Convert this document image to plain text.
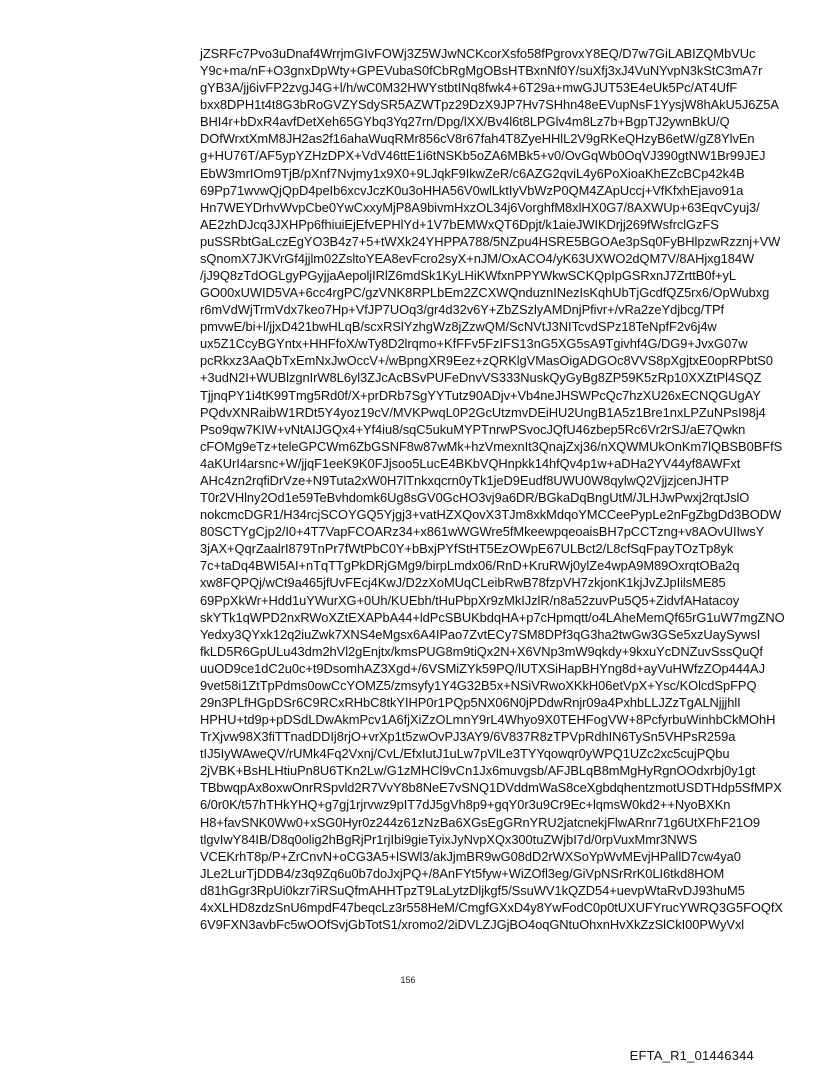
jZSRFc7Pvo3uDnaf4WrrjmGIvFOWj3Z5WJwNCKcorXsfo58fPgrovxY8EQ/D7w7GiLABIZQMbVUc
Y9c+ma/nF+O3gnxDpWty+GPEVubaS0fCbRgMgOBsHTBxnNf0Y/suXfj3xJ4VuNYvpN3kStC3mA7r
gYB3A/jj6ivFP2zvgJ4G+l/h/wC0M32HWYstbtINq8fwk4+6T29a+mwGJUT53E4eUk5Pc/AT4UfF
bxx8DPH1t4t8G3bRoGVZYSdySR5AZWTpz29DzX9JP7Hv7SHhn48eEVupNsF1YysjW8hAkU5J6Z5A
BHI4r+bDxR4avfDetXeh65GYbq3Yq27rn/Dpg/lXX/Bv4l6t8LPGlv4m8Lz7b+BgpTJ2ywnBkU/Q
DOfWrxtXmM8JH2as2f16ahaWuqRMr856cV8r67fah4T8ZyeHHlL2V9gRKeQHzyB6etW/gZ8YlvEn
g+HU76T/AF5ypYZHzDPX+VdV46ttE1i6tNSKb5oZA6MBk5+v0/OvGqWb0OqVJ390gtNW1Br99JEJ
EbW3mrIOm9TjB/pXnf7Nvjmy1x9X0+9LJqkF9IkwZeR/c6AZG2qviL4y6PoXioaKhEZcBCp42k4B
69Pp71wvwQjQpD4peIb6xcvJczK0u3oHHA56V0wlLktIyVbWzP0QM4ZApUccj+VfKfxhEjavo91a
Hn7WEYDrhvWvpCbe0YwCxxyMjP8A9bivmHxzOL34j6VorghfM8xlHX0G7/8AXWUp+63EqvCyuj3/
AE2zhDJcq3JXHPp6fhiuiEjEfvEPHlYd+1V7bEMWxQT6Dpjt/k1aieJWIKDrjj269fWsfrclGzFS
puSSRbtGaLczEgYO3B4z7+5+tWXk24YHPPA788/5NZpu4HSRE5BGOAe3pSq0FyBHlpzwRzznj+VW
sQnomX7JKVrGf4jjlm02ZsltoYEA8evFcro2syX+nJM/OxACO4/yK63UXWO2dQM7V/8AHjxg184W
/jJ9Q8zTdOGLgyPGyjjaAepoljIRlZ6mdSk1KyLHiKWfxnPPYWkwSCKQpIpGSRxnJ7ZrttB0f+yL
GO00xUWID5VA+6cc4rgPC/gzVNK8RPLbEm2ZCXWQnduznINezIsKqhUbTjGcdfQZ5rx6/OpWubxg
r6mVdWjTrmVdx7keo7Hp+VfJP7UOq3/gr4d32v6Y+ZbZSzlyAMDnjPfivr+/vRa2zeYdjbcg/TPf
pmvwE/bi+l/jjxD421bwHLqB/scxRSlYzhgWz8jZzwQM/ScNVtJ3NITcvdSPz18TeNpfF2v6j4w
ux5Z1CcyBGYntx+HHFfoX/wTy8D2lrqmo+KfFFv5FzIFS13nG5XG5sA9Tgivhf4G/DG9+JvxG07w
pcRkxz3AaQbTxEmNxJwOccV+/wBpngXR9Eez+zQRKlgVMasOigADGOc8VVS8pXgjtxE0opRPbtS0
+3udN2I+WUBlzgnIrW8L6yl3ZJcAcBSvPUFeDnvVS333NuskQyGyBg8ZP59K5zRp10XXZtPl4SQZ
TjjnqPY1i4tK99Tmg5Rd0f/X+prDRb7SgYYTutz90ADjv+Vb4neJHSWPcQc7hzXU26xECNQGUgAY
PQdvXNRaibW1RDt5Y4yoz19cV/MVKPwqL0P2GcUtzmvDEiHU2UngB1A5z1Bre1nxLPZuNPsI98j4
Pso9qw7KIW+vNtAIJGQx4+Yf4iu8/sqC5ukuMYPTnrwPSvocJQfU46zbep5Rc6Vr2rSJ/aE7Qwkn
cFOMg9eTz+teleGPCWm6ZbGSNF8w87wMk+hzVmexnIt3QnajZxj36/nXQWMUkOnKm7lQBSB0BFfS
4aKUrI4arsnc+W/jjqF1eeK9K0FJjsoo5LucE4BKbVQHnpkk14hfQv4p1w+aDHa2YV44yf8AWFxt
AHc4zn2rqfiDrVze+N9Tuta2xW0H7lTnkxqcrn0yTk1jeD9Eudf8UWU0W8qylwQ2VjjzjcenJHTP
T0r2VHlny2Od1e59TeBvhdomk6Ug8sGV0GcHO3vj9a6DR/BGkaDqBngUtM/JLHJwPwxj2rqtJslO
nokcmcDGR1/H34rcjSCOYGQ5Yjgj3+vatHZXQovX3TJm8xkMdqoYMCCeePypLe2nFgZbgDd3BODW
80SCTYgCjp2/I0+4T7VapFCOARz34+x861wWGWre5fMkeewpqeoaisBH7pCCTzng+v8AOvUIIwsY
3jAX+QqrZaalrI879TnPr7fWtPbC0Y+bBxjPYfStHT5EzOWpE67ULBct2/L8cfSqFpayTOzTp8yk
7c+taDq4BWI5AI+nTqTTgPkDRjGMg9/birpLmdx06/RnD+KruRWj0ylZe4wpA9M89OxrqtOBa2q
xw8FQPQj/wCt9a465jfUvFEcj4KwJ/D2zXoMUqCLeibRwB78fzpVH7zkjonK1kjJvZJpIilsME85
69PpXkWr+Hdd1uYWurXG+0Uh/KUEbh/tHuPbpXr9zMkIJzlR/n8a52zuvPu5Q5+ZidvfAHatacoy
skYTk1qWPD2nxRWoXZtEXAPbA44+ldPcSBUKbdqHA+p7cHpmqtt/o4LAheMemQf65rG1uW7mgZNO
Yedxy3QYxk12q2iuZwk7XNS4eMgsx6A4IPao7ZvtECy7SM8DPf3qG3ha2twGw3GSe5xzUaySywsI
fkLD5R6GpULu43dm2hVl2gEnjtx/kmsPUG8m9tiQx2N+X6VNp3mW9qkdy+9kxuYcDNZuvSssQuQf
uuOD9ce1dC2u0c+t9DsomhAZ3Xgd+/6VSMiZYk59PQ/lUTXSiHapBHYng8d+ayVuHWfzZOp444AJ
9vet58i1ZtTpPdms0owCcYOMZ5/zmsyfy1Y4G32B5x+NSiVRwoXKkH06etVpX+Ysc/KOlcdSpFPQ
29n3PLfHGpDSr6C9RCxRHbC8tkYIHP0r1PQp5NX06N0jPDdwRnjr09a4PxhbLLJZzTgALNjjjhlI
HPHU+td9p+pDSdLDwAkmPcv1A6fjXiZzOLmnY9rL4Whyo9X0TEHFogVW+8PcfyrbuWinhbCkMOhH
TrXjvw98X3fiTTnadDDIj8rjO+vrXp1t5zwOvPJ3AY9/6V837R8zTPVpRdhIN6TySn5VHPsR259a
tIJ5IyWAweQV/rUMk4Fq2Vxnj/CvL/EfxIutJ1uLw7pVlLe3TYYqowqr0yWPQ1UZc2xc5cujPQbu
2jVBK+BsHLHtiuPn8U6TKn2Lw/G1zMHCl9vCn1Jx6muvgsb/AFJBLqB8mMgHyRgnOOdxrbj0y1gt
TBbwqpAx8oxwOnrRSpvld2R7VvY8b8NeE7vSNQ1DVddmWaS8ceXgbdqhentzmotUSDTHdp5SfMPX
6/0r0K/t57hTHkYHQ+g7gj1rjrvwz9pIT7dJ5gVh8p9+gqY0r3u9Cr9Ec+lqmsW0kd2++NyoBXKn
H8+favSNK0Ww0+xSG0Hyr0z244z61zNzBa6XGsEgGRnYRU2jatcnekjFlwARnr71g6UtXFhF21O9
tlgvIwY84IB/D8q0olig2hBgRjPr1rjIbi9gieTyixJyNvpXQx300tuZWjbI7d/0rpVuxMmr3NWS
VCEKrhT8p/P+ZrCnvN+oCG3A5+lSWl3/akJjmBR9wG08dD2rWXSoYpWvMEvjHPallD7cw4ya0
JLe2LurTjDDB4/z3q9Zq6u0b7doJxjPQ+/8AnFYt5fyw+WiZOfl3eg/GiVpNSrRrK0LI6tkd8HOM
d81hGgr3RpUi0kzr7iRSuQfmAHHTpzT9LaLytzDljkgf5/SsuWV1kQZD54+uevpWtaRvDJ93huM5
4xXLHD8zdzSnU6mpdF47beqcLz3r558HeM/CmgfGXxD4y8YwFodC0p0tUXUFYrucYWRQ3G5FOQfX
6V9FXN3avbFc5wOOfSvjGbTotS1/xromo2/2iDVLZJGjBO4oqGNtuOhxnHvXkZzSlCkI00PWyVxl
156
EFTA_R1_01446344
